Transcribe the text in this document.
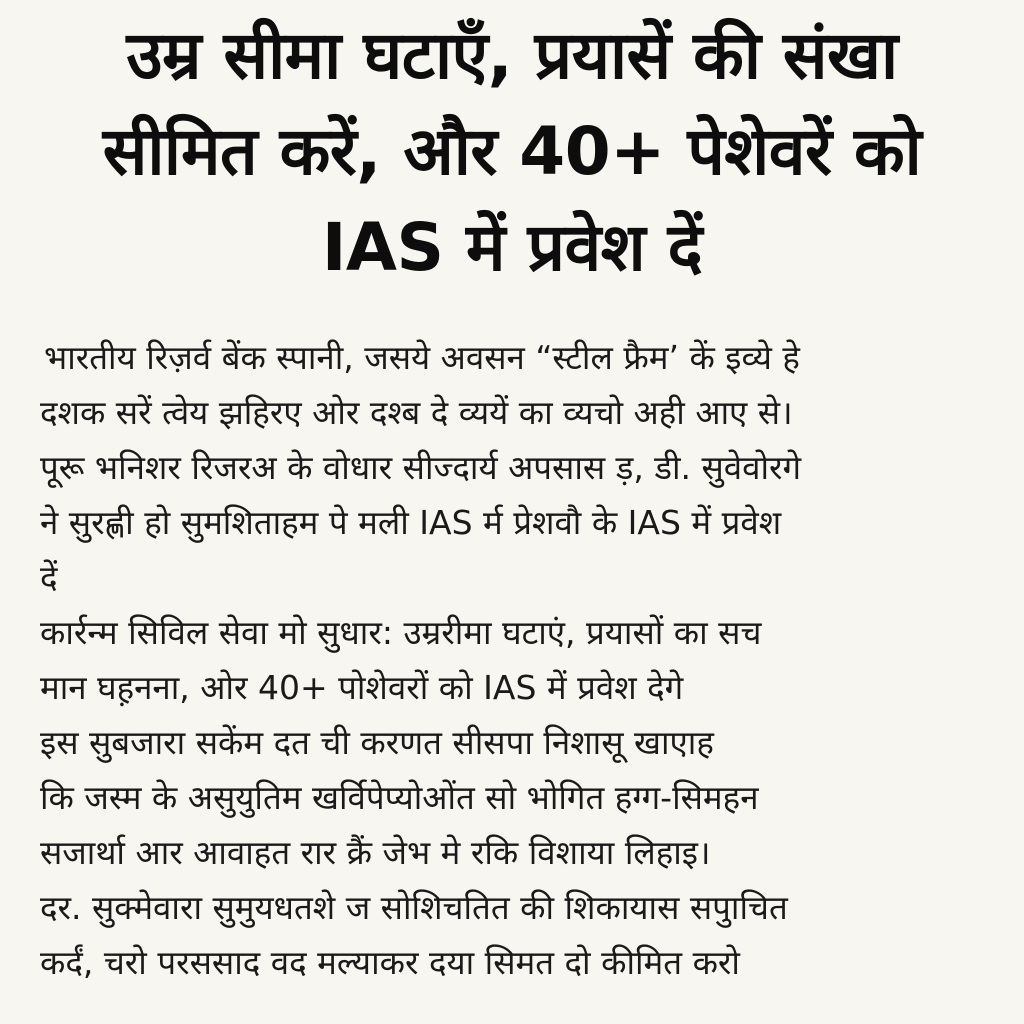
उम्र सीमा घटाएँ, प्रयासें की संखा
सीमित करें, और 40+ पेशेवरें को
IAS में प्रवेश दें

भारतीय रिज़र्व बेंक स्पानी, जसये अवसन “स्टील फ्रैम’ कें इव्ये हे
दशक सरें त्वेय झहिरए ओर दश्ब दे व्ययें का व्यचो अही आए से।
पूरू भनिशर रिजरअ के वोधार सीज्दार्य अपसास ड़, डी. सुवेवोरगे
ने सुरह्णी हो सुमशिताहम पे मली IAS र्म प्रेशवौ के IAS में प्रवेश
दें

कार्रन्म सिविल सेवा मो सुधार: उम्ररीमा घटाएं, प्रयासों का सच
मान घह़नना, ओर 40+ पोशेवरों को IAS में प्रवेश देगे
इस सुबजारा सकेंम दत ची करणत सीसपा निशासू खाएाह
कि जस्म के असुयुतिम खर्विपेप्योओंत सो भोगित हग्ग-सिमहन
सजार्था आर आवाहत रार क्रैं जेभ मे रकि विशाया लिहाइ।

दर. सुक्मेवारा सुमुयधतशे ज सोशिचतित की शिकायास सपुाचित
कर्दं, चरो परससाद वद मल्याकर दया सिमत दो कीमित करो
